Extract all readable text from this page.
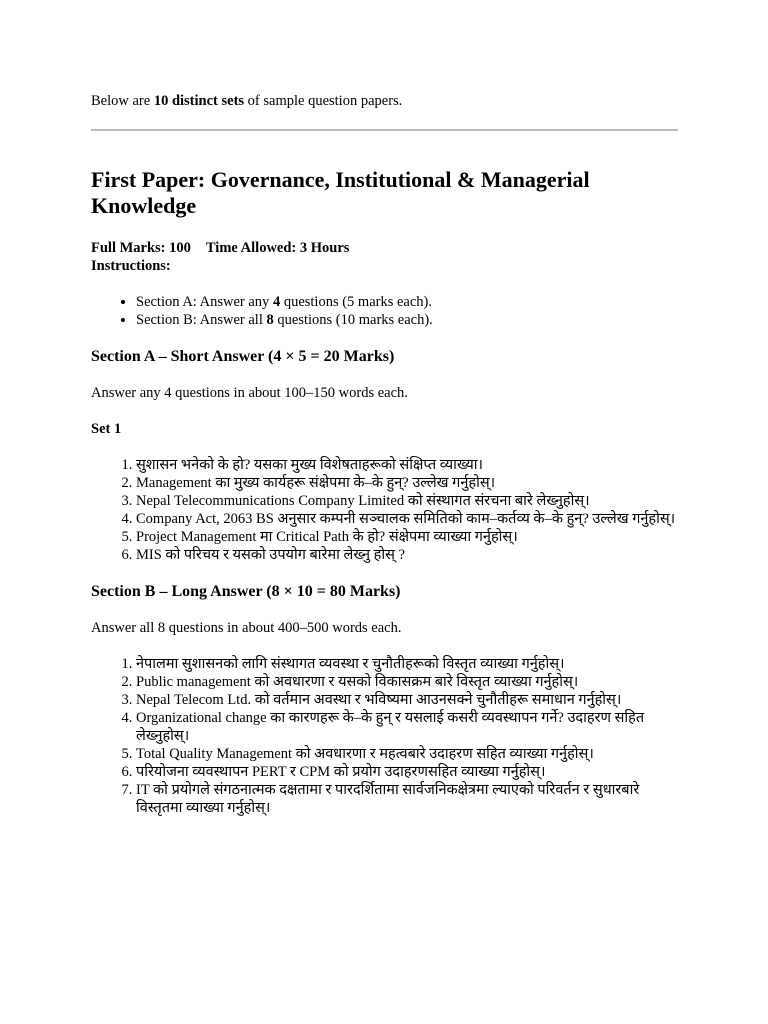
Below are 10 distinct sets of sample question papers.

First Paper: Governance, Institutional & Managerial Knowledge

Full Marks: 100 Time Allowed: 3 Hours

Instructions:

• Section A: Answer any 4 questions (5 marks each).
• Section B: Answer all 8 questions (10 marks each).
Section A – Short Answer (4 × 5 = 20 Marks)

Answer any 4 questions in about 100–150 words each.

Set 1

1. सुशासन भनेको के हो? यसका मुख्य विशेषताहरूको संक्षिप्त व्याख्या।
2. Management का मुख्य कार्यहरू संक्षेपमा के–के हुन्? उल्लेख गर्नुहोस्।
3. Nepal Telecommunications Company Limited को संस्थागत संरचना बारे लेख्नुहोस्।
4. Company Act, 2063 BS अनुसार कम्पनी सञ्चालक समितिको काम–कर्तव्य के–के हुन्? उल्लेख गर्नुहोस्।
5. Project Management मा Critical Path के हो? संक्षेपमा व्याख्या गर्नुहोस्।
6. MIS को परिचय र यसको उपयोग बारेमा लेख्नु होस् ?
Section B – Long Answer (8 × 10 = 80 Marks)

Answer all 8 questions in about 400–500 words each.

1. नेपालमा सुशासनको लागि संस्थागत व्यवस्था र चुनौतीहरूको विस्तृत व्याख्या गर्नुहोस्।
2. Public management को अवधारणा र यसको विकासक्रम बारे विस्तृत व्याख्या गर्नुहोस्।
3. Nepal Telecom Ltd. को वर्तमान अवस्था र भविष्यमा आउनसक्ने चुनौतीहरू समाधान गर्नुहोस्।
4. Organizational change का कारणहरू के–के हुन् र यसलाई कसरी व्यवस्थापन गर्ने? उदाहरण सहित लेख्नुहोस्।
5. Total Quality Management को अवधारणा र महत्वबारे उदाहरण सहित व्याख्या गर्नुहोस्।
6. परियोजना व्यवस्थापन PERT र CPM को प्रयोग उदाहरणसहित व्याख्या गर्नुहोस्।
7. IT को प्रयोगले संगठनात्मक दक्षतामा र पारदर्शितामा सार्वजनिकक्षेत्रमा ल्याएको परिवर्तन र सुधारबारे विस्तृतमा व्याख्या गर्नुहोस्।
